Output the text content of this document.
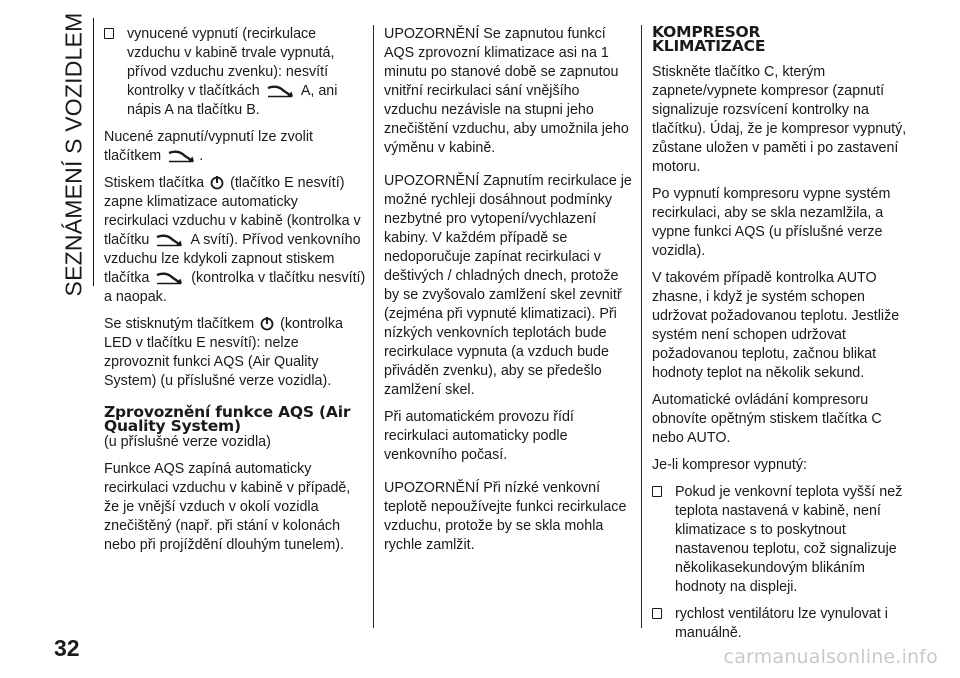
SEZNÁMENÍ S VOZIDLEM
32
vynucené vypnutí (recirkulace vzduchu v kabině trvale vypnutá, přívod vzduchu zvenku): nesvítí kontrolky v tlačítkách	A, ani nápis A na tlačítku B.

Nucené zapnutí/vypnutí lze zvolit tlačítkem	.

Stiskem tlačítka (tlačítko E nesvítí) zapne klimatizace automaticky recirkulaci vzduchu v kabině (kontrolka v tlačítku	A svítí). Přívod venkovního vzduchu lze kdykoli zapnout stiskem tlačítka	(kontrolka v tlačítku nesvítí) a naopak.

Se stisknutým tlačítkem (kontrolka LED v tlačítku E nesvítí): nelze zprovoznit funkci AQS (Air Quality System) (u příslušné verze vozidla).

Zprovoznění funkce AQS (Air Quality System)

(u příslušné verze vozidla)

Funkce AQS zapíná automaticky recirkulaci vzduchu v kabině v případě, že je vnější vzduch v okolí vozidla znečištěný (např. při stání v kolonách nebo při projíždění dlouhým tunelem).

UPOZORNĚNÍ Se zapnutou funkcí AQS zprovozní klimatizace asi na 1 minutu po stanové době se zapnutou vnitřní recirkulaci sání vnějšího vzduchu nezávisle na stupni jeho znečištění vzduchu, aby umožnila jeho výměnu v kabině.

UPOZORNĚNÍ Zapnutím recirkulace je možné rychleji dosáhnout podmínky nezbytné pro vytopení/vychlazení kabiny. V každém případě se nedoporučuje zapínat recirkulaci v deštivých / chladných dnech, protože by se zvyšovalo zamlžení skel zevnitř (zejména při vypnuté klimatizaci). Při nízkých venkovních teplotách bude recirkulace vypnuta (a vzduch bude přiváděn zvenku), aby se předešlo zamlžení skel.

Při automatickém provozu řídí recirkulaci automaticky podle venkovního počasí.

UPOZORNĚNÍ Při nízké venkovní teplotě nepoužívejte funkci recirkulace vzduchu, protože by se skla mohla rychle zamlžit.

KOMPRESOR KLIMATIZACE

Stiskněte tlačítko C, kterým zapnete/vypnete kompresor (zapnutí signalizuje rozsvícení kontrolky na tlačítku). Údaj, že je kompresor vypnutý, zůstane uložen v paměti i po zastavení motoru.

Po vypnutí kompresoru vypne systém recirkulaci, aby se skla nezamlžila, a vypne funkci AQS (u příslušné verze vozidla).

V takovém případě kontrolka AUTO zhasne, i když je systém schopen udržovat požadovanou teplotu. Jestliže systém není schopen udržovat požadovanou teplotu, začnou blikat hodnoty teplot na několik sekund.

Automatické ovládání kompresoru obnovíte opětným stiskem tlačítka C nebo AUTO.

Je-li kompresor vypnutý:

Pokud je venkovní teplota vyšší než teplota nastavená v kabině, není klimatizace s to poskytnout nastavenou teplotu, což signalizuje několikasekundovým blikáním hodnoty na displeji.
rychlost ventilátoru lze vynulovat i manuálně.
carmanualsonline.info
